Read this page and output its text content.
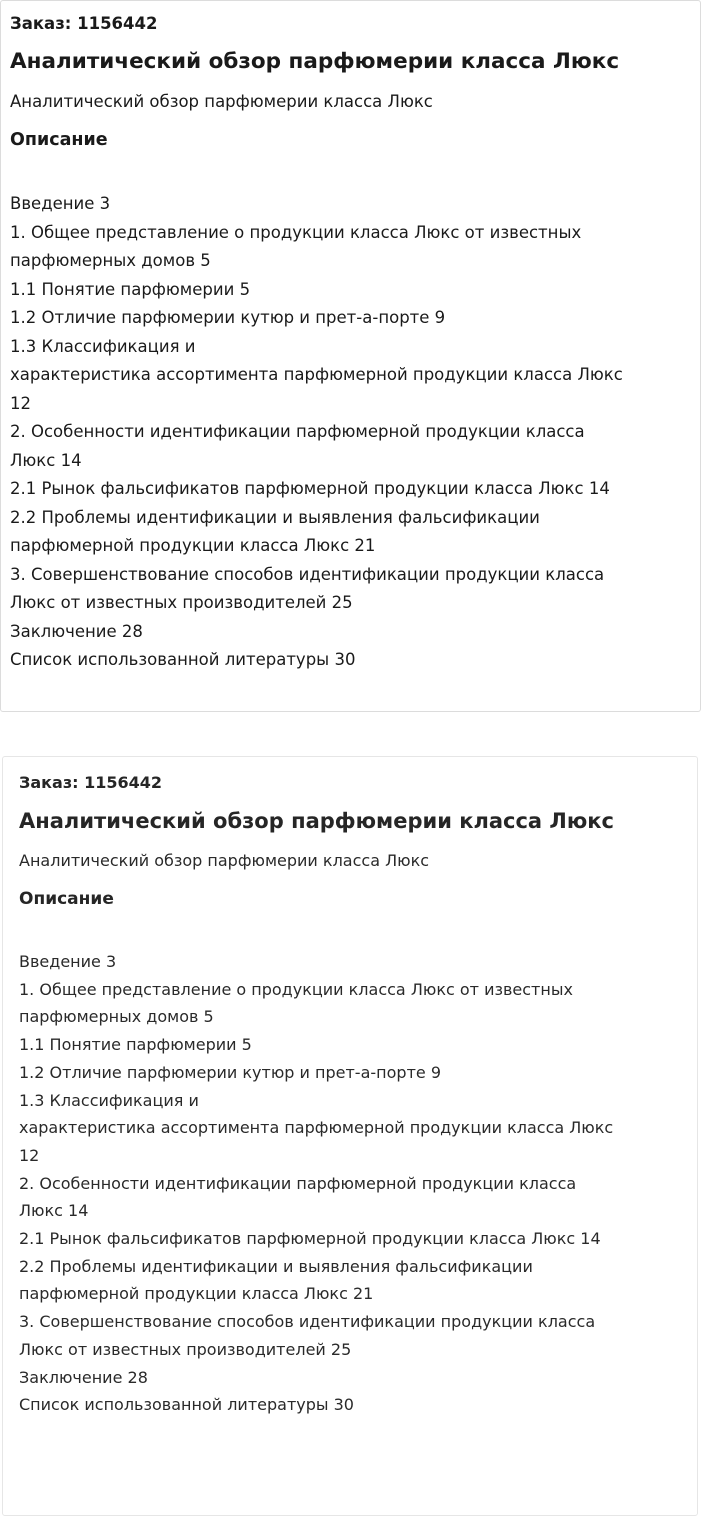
Заказ: 1156442
Аналитический обзор парфюмерии класса Люкс
Аналитический обзор парфюмерии класса Люкс
Описание
Введение 3
1. Общее представление о продукции класса Люкс от известных
парфюмерных домов 5
1.1 Понятие парфюмерии 5
1.2 Отличие парфюмерии кутюр и прет-а-порте 9
1.3 Классификация и
характеристика ассортимента парфюмерной продукции класса Люкс
12
2. Особенности идентификации парфюмерной продукции класса
Люкс 14
2.1 Рынок фальсификатов парфюмерной продукции класса Люкс 14
2.2 Проблемы идентификации и выявления фальсификации
парфюмерной продукции класса Люкс 21
3. Совершенствование способов идентификации продукции класса
Люкс от известных производителей 25
Заключение 28
Список использованной литературы 30
Заказ: 1156442
Аналитический обзор парфюмерии класса Люкс
Аналитический обзор парфюмерии класса Люкс
Описание
Введение 3
1. Общее представление о продукции класса Люкс от известных
парфюмерных домов 5
1.1 Понятие парфюмерии 5
1.2 Отличие парфюмерии кутюр и прет-а-порте 9
1.3 Классификация и
характеристика ассортимента парфюмерной продукции класса Люкс
12
2. Особенности идентификации парфюмерной продукции класса
Люкс 14
2.1 Рынок фальсификатов парфюмерной продукции класса Люкс 14
2.2 Проблемы идентификации и выявления фальсификации
парфюмерной продукции класса Люкс 21
3. Совершенствование способов идентификации продукции класса
Люкс от известных производителей 25
Заключение 28
Список использованной литературы 30
